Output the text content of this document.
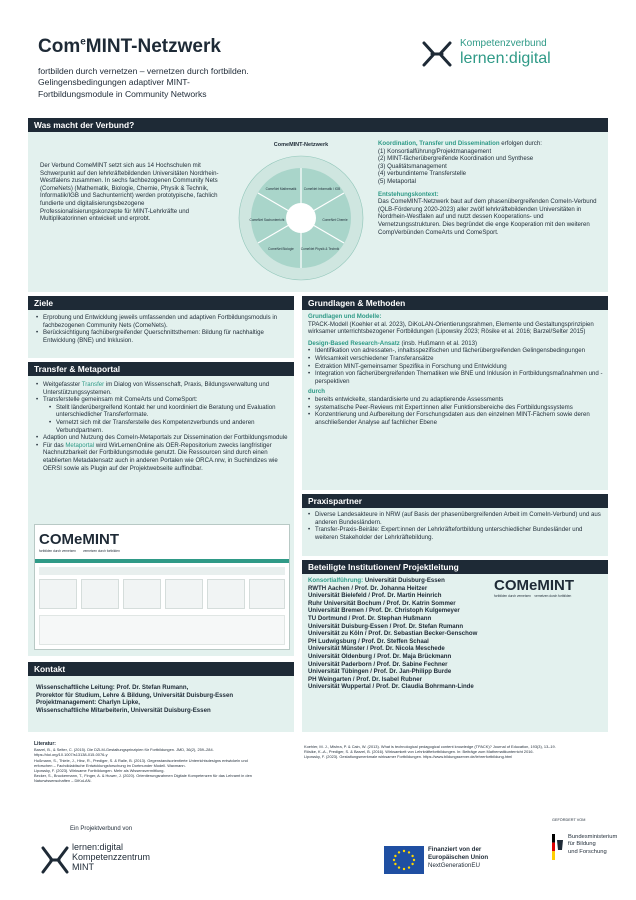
Com$^e$MINT-Netzwerk
fortbilden durch vernetzen – vernetzen durch fortbilden.
Gelingensbedingungen adaptiver MINT-
Fortbildungsmodule in Community Networks
Kompetenzverbund
lernen:digital
Was macht der Verbund?
Der Verbund ComeMINT setzt sich aus 14 Hochschulen mit Schwerpunkt auf den lehrkräftebildenden Universitäten Nordrhein-Westfalens zusammen. In sechs fachbezogenen Community Nets (ComeNets) (Mathematik, Biologie, Chemie, Physik & Technik, Informatik/IGB und Sachunterricht) werden prototypische, fachlich fundierte und digitalisierungsbezogene Professionalisierungskonzepte für MINT-Lehrkräfte und Multiplikatorinnen entwickelt und erprobt.
ComeMINT-Netzwerk
ComeNet Mathematik ComeNet Informatik / IGB
ComeNet Chemie
ComeNet Physik & Technik
ComeNet Biologie
ComeNet Sachunterricht
Koordination, Transfer und Dissemination erfolgen durch:
(1) Konsortialführung/Projektmanagement
(2) MINT-fächerübergreifende Koordination und Synthese
(3) Qualitätsmanagement
(4) verbundinterne Transferstelle
(5) Metaportal
Entstehungskontext:
Das ComeMINT-Netzwerk baut auf dem phasenübergreifenden ComeIn-Verbund (QLB-Förderung 2020-2023) aller zwölf lehrkräftebildenden Universitäten in Nordrhein-Westfalen auf und nutzt dessen Kooperations- und Vernetzungsstrukturen. Dies begründet die enge Kooperation mit den weiteren CompVerbünden ComeArts und ComeSport.
Ziele
• Erprobung und Entwicklung jeweils umfassenden und adaptiven Fortbildungsmoduls in fachbezogenen Community Nets (ComeNets).
• Berücksichtigung fachübergreifender Querschnittsthemen: Bildung für nachhaltige Entwicklung (BNE) und Inklusion.
Transfer & Metaportal
• Weitgefasster Transfer im Dialog von Wissenschaft, Praxis, Bildungsverwaltung und Unterstützungssystemen.
• Transferstelle gemeinsam mit ComeArts und ComeSport:
• Stellt länderübergreifend Kontakt her und koordiniert die Beratung und Evaluation unterschiedlicher Transferformate.
• Vernetzt sich mit der Transferstelle des Kompetenzverbunds und anderen Verbundpartnern.
• Adaption und Nutzung des ComeIn-Metaportals zur Dissemination der Fortbildungsmodule
• Für das Metaportal wird WirLernenOnline als OER-Repositorium zwecks langfristiger Nachnutzbarkeit der Fortbildungsmodule genutzt. Die Ressourcen sind durch einen etablierten Metadatensatz auch in anderen Portalen wie ORCA.nrw, in Suchindizes wie OERSI sowie als Plugin auf der Projektwebseite auffindbar.
COMeMINT
fortbilden durch vernetzen vernetzen durch fortbilden
Grundlagen & Methoden
Grundlagen und Modelle:
TPACK-Modell (Koehler et al. 2023), DiKoLAN-Orientierungsrahmen, Elemente und Gestaltungsprinzipien wirksamer unterrichtsbezogener Fortbildungen (Lipowsky 2023; Rösike et al. 2016; Barzel/Selter 2015)
Design-Based Research-Ansatz (insb. Hußmann et al. 2013)
• Identifikation von adressaten-, inhaltsspezifischen und fächerübergreifenden Gelingensbedingungen
• Wirksamkeit verschiedener Transferansätze
• Extraktion MINT-gemeinsamer Spezifika in Forschung und Entwicklung
• Integration von fächerübergreifenden Thematiken wie BNE und Inklusion in Fortbildungsmaßnahmen und -perspektiven
durch
• bereits entwickelte, standardisierte und zu adaptierende Assessments
• systematische Peer-Reviews mit Expert:innen aller Funktionsbereiche des Fortbildungssystems
• Konzentrierung und Aufbereitung der Forschungsdaten aus den einzelnen MINT-Fächern sowie deren anschließender Analyse auf fachlicher Ebene
Praxispartner
• Diverse Landesakteure in NRW (auf Basis der phasenübergreifenden Arbeit im ComeIn-Verbund) und aus anderen Bundesländern.
• Transfer-Praxis-Beiräte: Expert:innen der Lehrkräftefortbildung unterschiedlicher Bundesländer und weiteren Stakeholder der Lehrkräftebildung.
Beteiligte Institutionen/ Projektleitung
Konsortialführung: Universität Duisburg-Essen
RWTH Aachen / Prof. Dr. Johanna Heitzer
Universität Bielefeld / Prof. Dr. Martin Heinrich
Ruhr Universität Bochum / Prof. Dr. Katrin Sommer
Universität Bremen / Prof. Dr. Christoph Kulgemeyer
TU Dortmund / Prof. Dr. Stephan Hußmann
Universität Duisburg-Essen / Prof. Dr. Stefan Rumann
Universität zu Köln / Prof. Dr. Sebastian Becker-Genschow
PH Ludwigsburg / Prof. Dr. Steffen Schaal
Universität Münster / Prof. Dr. Nicola Meschede
Universität Oldenburg / Prof. Dr. Maja Brückmann
Universität Paderborn / Prof. Dr. Sabine Fechner
Universität Tübingen / Prof. Dr. Jan-Philipp Burde
PH Weingarten / Prof. Dr. Isabel Rubner
Universität Wuppertal / Prof. Dr. Claudia Bohrmann-Linde
COMeMINT
fortbilden durch vernetzen vernetzen durch fortbilden
Kontakt
Wissenschaftliche Leitung: Prof. Dr. Stefan Rumann,
Prorektor für Studium, Lehre & Bildung, Universität Duisburg-Essen
Projektmanagement: Charlyn Lipke,
Wissenschaftliche Mitarbeiterin, Universität Duisburg-Essen
Literatur:
Barzel, B., & Selter, C. (2015). Die DZLM-Gestaltungsprinzipien für Fortbildungen. JMD, 36(2), 259–284. https://doi.org/10.1007/s13138-015-0076-y
Hußmann, S., Thiele, J., Hinz, R., Prediger, S. & Ralle, B. (2013). Gegenstandsorientierte Unterrichtsdesigns entwickeln und erforschen – Fachdidaktische Entwicklungsforschung im Dortmunder Modell. Waxmann.
Lipowsky, F. (2023). Wirksame Fortbildungen. Mehr als Wissensvermittlung.
Becker, S., Bruckermann, T., Finger, A. & Huwer, J. (2020). Orientierungsrahmen Digitale Kompetenzen für das Lehramt in den Naturwissenschaften – DiKoLAN.
Koehler, M. J., Mishra, P. & Cain, W. (2013). What is technological pedagogical content knowledge (TPACK)? Journal of Education, 193(3), 13–19.
Rösike, K.-A., Prediger, S. & Barzel, B. (2016). Wirksamkeit von Lehrkräftefortbildungen. In: Beiträge zum Mathematikunterricht 2016.
Lipowsky, F. (2023). Gestaltungsmerkmale wirksamer Fortbildungen. https://www.bildungsserver.de/lehrerfortbildung.html
Ein Projektverbund von
lernen:digital
Kompetenzzentrum
MINT
Finanziert von der
Europäischen Union
NextGenerationEU
GEFÖRDERT VOM
Bundesministerium
für Bildung
und Forschung
